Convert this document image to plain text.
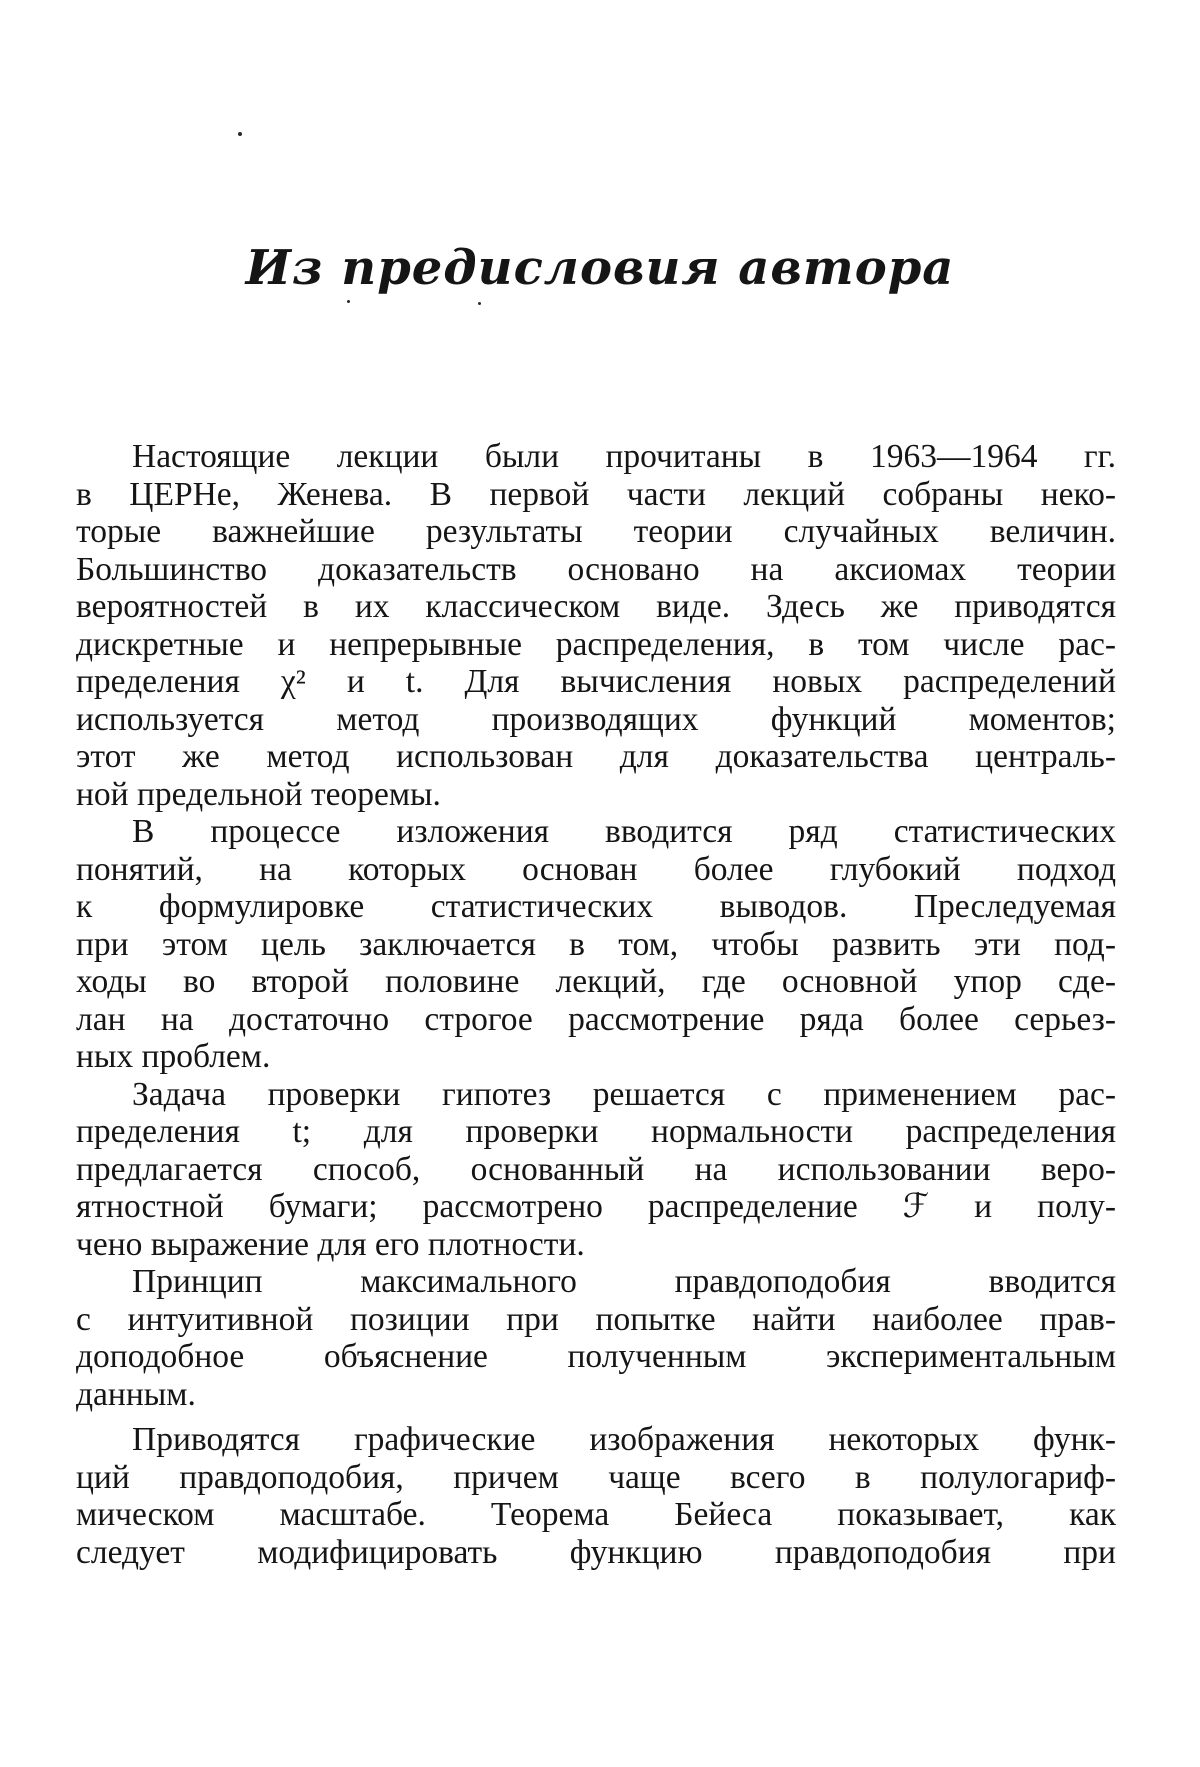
Из предисловия автора
Настоящие лекции были прочитаны в 1963—1964 гг.
в ЦЕРНе, Женева. В первой части лекций собраны неко-
торые важнейшие результаты теории случайных величин.
Большинство доказательств основано на аксиомах теории
вероятностей в их классическом виде. Здесь же приводятся
дискретные и непрерывные распределения, в том числе рас-
пределения χ² и t. Для вычисления новых распределений
используется метод производящих функций моментов;
этот же метод использован для доказательства централь-
ной предельной теоремы.
В процессе изложения вводится ряд статистических
понятий, на которых основан более глубокий подход
к формулировке статистических выводов. Преследуемая
при этом цель заключается в том, чтобы развить эти под-
ходы во второй половине лекций, где основной упор сде-
лан на достаточно строгое рассмотрение ряда более серьез-
ных проблем.
Задача проверки гипотез решается с применением рас-
пределения t; для проверки нормальности распределения
предлагается способ, основанный на использовании веро-
ятностной бумаги; рассмотрено распределение ℱ и полу-
чено выражение для его плотности.
Принцип максимального правдоподобия вводится
с интуитивной позиции при попытке найти наиболее прав-
доподобное объяснение полученным экспериментальным
данным.
Приводятся графические изображения некоторых функ-
ций правдоподобия, причем чаще всего в полулогариф-
мическом масштабе. Теорема Бейеса показывает, как
следует модифицировать функцию правдоподобия при
